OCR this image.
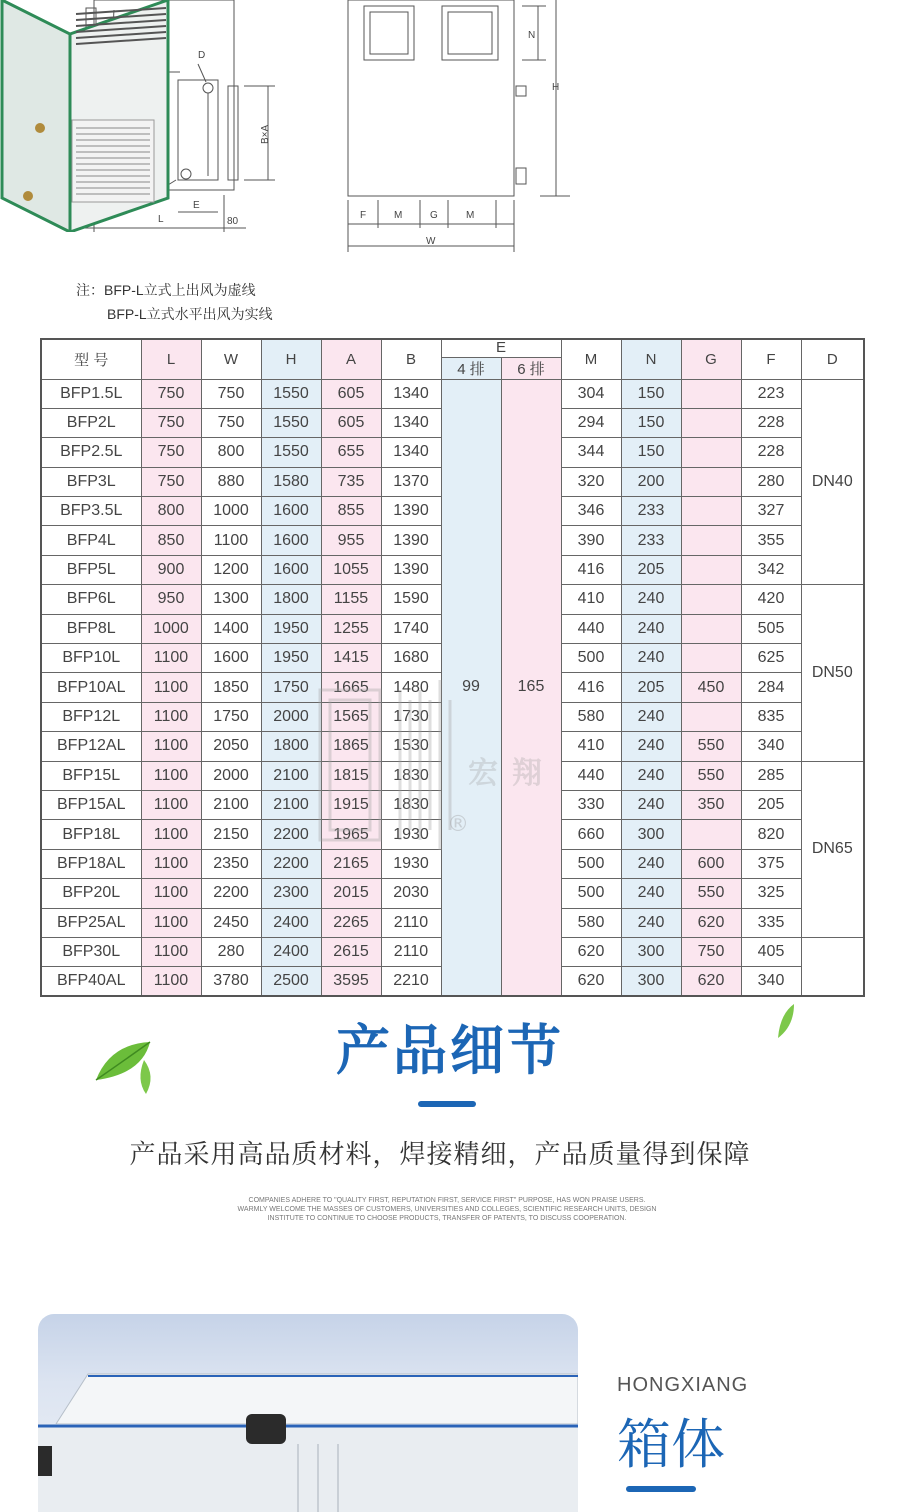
D
B×A
E
L	80
N
H
F	M	G	M
W
注：BFP-L立式上出风为虚线
BFP-L立式水平出风为实线
型 号	L	W	H	A	B	E		M	N	G	F	D
						4 排	6 排					
BFP1.5L	750	750	1550	605	1340	99	165	304	150		223	DN40
BFP2L	750	750	1550	605	1340			294	150		228	
BFP2.5L	750	800	1550	655	1340			344	150		228	
BFP3L	750	880	1580	735	1370			320	200		280	
BFP3.5L	800	1000	1600	855	1390			346	233		327	
BFP4L	850	1100	1600	955	1390			390	233		355	
BFP5L	900	1200	1600	1055	1390			416	205		342	
BFP6L	950	1300	1800	1155	1590			410	240		420	DN50
BFP8L	1000	1400	1950	1255	1740			440	240		505	
BFP10L	1100	1600	1950	1415	1680			500	240		625	
BFP10AL	1100	1850	1750	1665	1480			416	205	450	284	
BFP12L	1100	1750	2000	1565	1730			580	240		835	
BFP12AL	1100	2050	1800	1865	1530			410	240	550	340	
BFP15L	1100	2000	2100	1815	1830			440	240	550	285	DN65
BFP15AL	1100	2100	2100	1915	1830			330	240	350	205	
BFP18L	1100	2150	2200	1965	1930			660	300		820	
BFP18AL	1100	2350	2200	2165	1930			500	240	600	375	
BFP20L	1100	2200	2300	2015	2030			500	240	550	325	
BFP25AL	1100	2450	2400	2265	2110			580	240	620	335	
BFP30L	1100	280	2400	2615	2110			620	300	750	405	
BFP40AL	1100	3780	2500	3595	2210			620	300	620	340	
宏翔
®
产品细节
产品采用高品质材料，焊接精细，产品质量得到保障
COMPANIES ADHERE TO "QUALITY FIRST, REPUTATION FIRST, SERVICE FIRST" PURPOSE, HAS WON PRAISE USERS.
WARMLY WELCOME THE MASSES OF CUSTOMERS, UNIVERSITIES AND COLLEGES, SCIENTIFIC RESEARCH UNITS, DESIGN
INSTITUTE TO CONTINUE TO CHOOSE PRODUCTS, TRANSFER OF PATENTS, TO DISCUSS COOPERATION.
HONGXIANG
箱体
